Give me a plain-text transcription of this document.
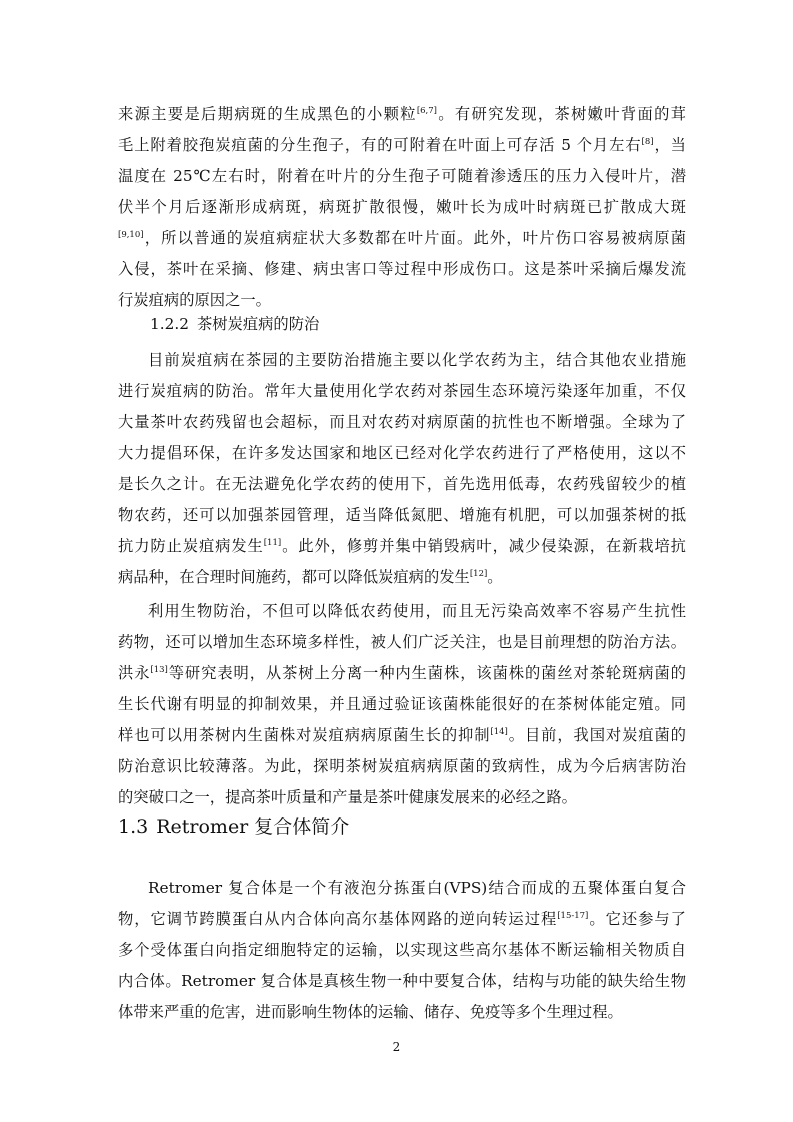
来源主要是后期病斑的生成黑色的小颗粒[6,7]。有研究发现，茶树嫩叶背面的茸
毛上附着胶孢炭疽菌的分生孢子，有的可附着在叶面上可存活 5 个月左右[8]，当
温度在 25℃左右时，附着在叶片的分生孢子可随着渗透压的压力入侵叶片，潜
伏半个月后逐渐形成病斑，病斑扩散很慢，嫩叶长为成叶时病斑已扩散成大斑
[9,10]，所以普通的炭疽病症状大多数都在叶片面。此外，叶片伤口容易被病原菌
入侵，茶叶在采摘、修建、病虫害口等过程中形成伤口。这是茶叶采摘后爆发流
行炭疽病的原因之一。
1.2.2 茶树炭疽病的防治
目前炭疽病在茶园的主要防治措施主要以化学农药为主，结合其他农业措施
进行炭疽病的防治。常年大量使用化学农药对茶园生态环境污染逐年加重，不仅
大量茶叶农药残留也会超标，而且对农药对病原菌的抗性也不断增强。全球为了
大力提倡环保，在许多发达国家和地区已经对化学农药进行了严格使用，这以不
是长久之计。在无法避免化学农药的使用下，首先选用低毒，农药残留较少的植
物农药，还可以加强茶园管理，适当降低氮肥、增施有机肥，可以加强茶树的抵
抗力防止炭疽病发生[11]。此外，修剪并集中销毁病叶，减少侵染源，在新栽培抗
病品种，在合理时间施药，都可以降低炭疽病的发生[12]。
利用生物防治，不但可以降低农药使用，而且无污染高效率不容易产生抗性
药物，还可以增加生态环境多样性，被人们广泛关注，也是目前理想的防治方法。
洪永[13]等研究表明，从茶树上分离一种内生菌株，该菌株的菌丝对茶轮斑病菌的
生长代谢有明显的抑制效果，并且通过验证该菌株能很好的在茶树体能定殖。同
样也可以用茶树内生菌株对炭疽病病原菌生长的抑制[14]。目前，我国对炭疽菌的
防治意识比较薄落。为此，探明茶树炭疽病病原菌的致病性，成为今后病害防治
的突破口之一，提高茶叶质量和产量是茶叶健康发展来的必经之路。
1.3 Retromer 复合体简介
Retromer 复合体是一个有液泡分拣蛋白(VPS)结合而成的五聚体蛋白复合
物，它调节跨膜蛋白从内合体向高尔基体网路的逆向转运过程[15-17]。它还参与了
多个受体蛋白向指定细胞特定的运输，以实现这些高尔基体不断运输相关物质自
内合体。Retromer 复合体是真核生物一种中要复合体，结构与功能的缺失给生物
体带来严重的危害，进而影响生物体的运输、储存、免疫等多个生理过程。
2
